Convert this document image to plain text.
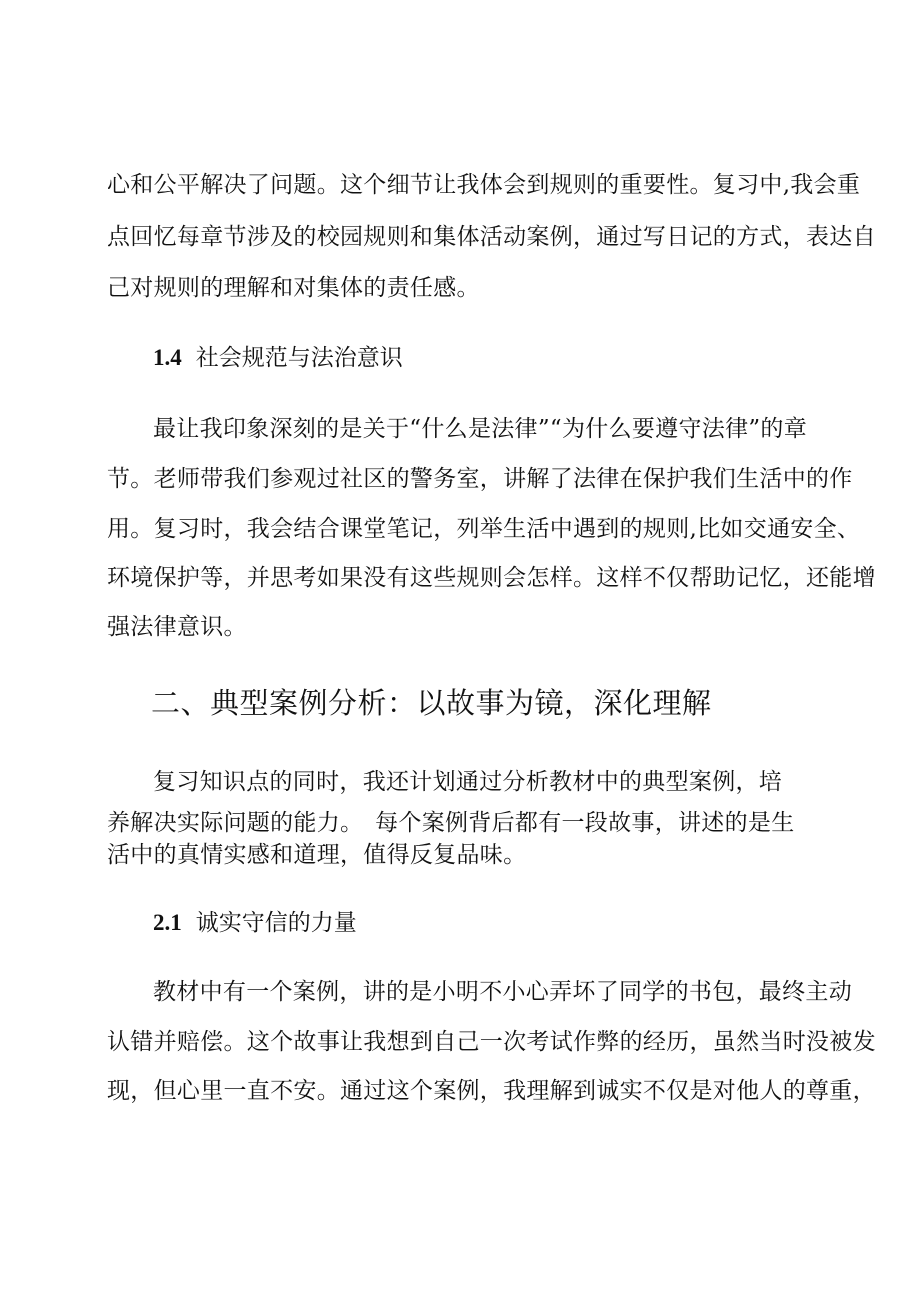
心和公平解决了问题。这个细节让我体会到规则的重要性。复习中,我会重

点回忆每章节涉及的校园规则和集体活动案例，通过写日记的方式，表达自

己对规则的理解和对集体的责任感。

1.4 社会规范与法治意识

最让我印象深刻的是关于“什么是法律”“为什么要遵守法律”的章

节。老师带我们参观过社区的警务室，讲解了法律在保护我们生活中的作

用。复习时，我会结合课堂笔记，列举生活中遇到的规则,比如交通安全、

环境保护等，并思考如果没有这些规则会怎样。这样不仅帮助记忆，还能增

强法律意识。

二、典型案例分析：以故事为镜，深化理解

复习知识点的同时，我还计划通过分析教材中的典型案例，培

养解决实际问题的能力。　每个案例背后都有一段故事，讲述的是生

活中的真情实感和道理，值得反复品味。

2.1 诚实守信的力量

教材中有一个案例，讲的是小明不小心弄坏了同学的书包，最终主动

认错并赔偿。这个故事让我想到自己一次考试作弊的经历，虽然当时没被发

现，但心里一直不安。通过这个案例，我理解到诚实不仅是对他人的尊重，
